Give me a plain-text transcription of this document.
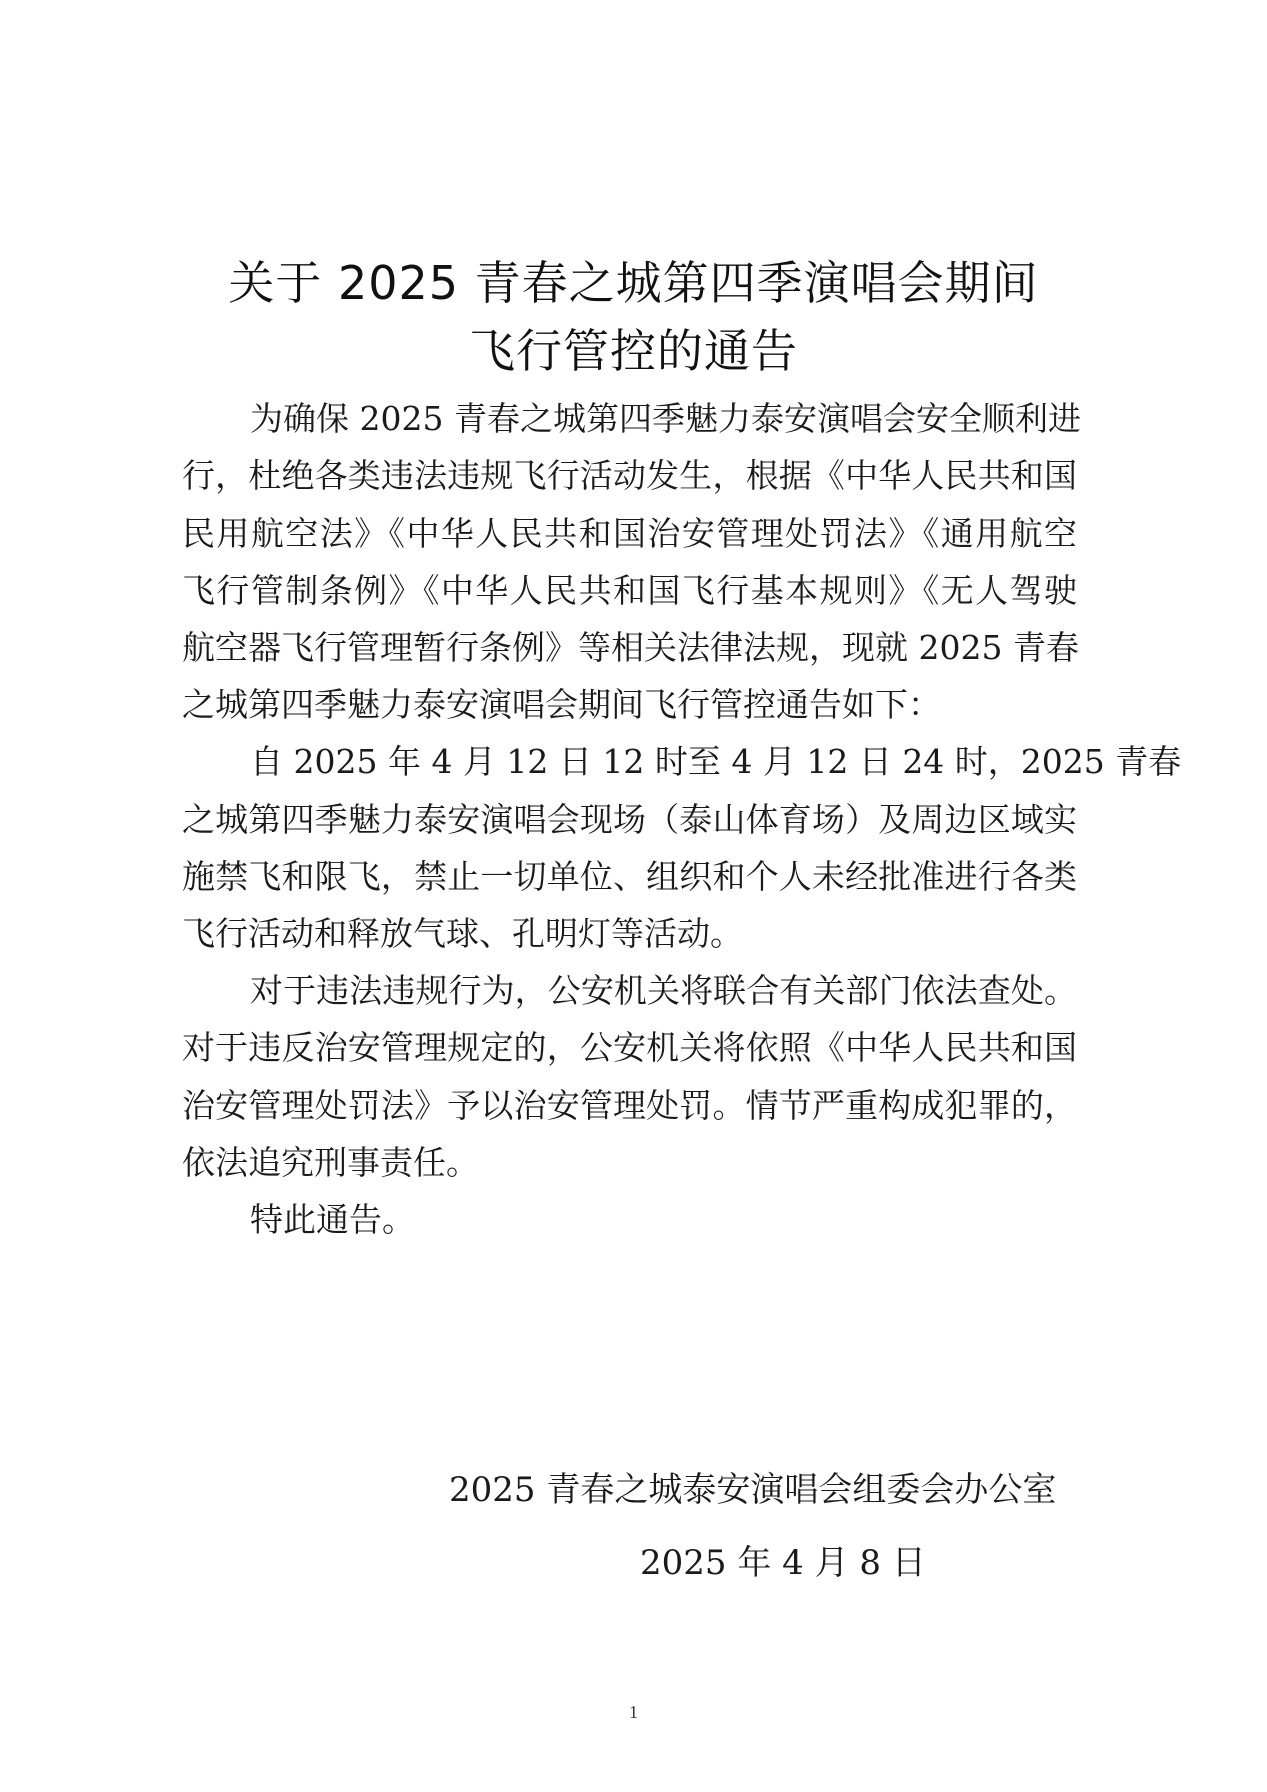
关于 2025 青春之城第四季演唱会期间
飞行管控的通告
为确保 2025 青春之城第四季魅力泰安演唱会安全顺利进
行，杜绝各类违法违规飞行活动发生，根据《中华人民共和国
民用航空法》《中华人民共和国治安管理处罚法》《通用航空
飞行管制条例》《中华人民共和国飞行基本规则》《无人驾驶
航空器飞行管理暂行条例》等相关法律法规，现就 2025 青春
之城第四季魅力泰安演唱会期间飞行管控通告如下：
自 2025 年 4 月 12 日 12 时至 4 月 12 日 24 时，2025 青春
之城第四季魅力泰安演唱会现场（泰山体育场）及周边区域实
施禁飞和限飞，禁止一切单位、组织和个人未经批准进行各类
飞行活动和释放气球、孔明灯等活动。
对于违法违规行为，公安机关将联合有关部门依法查处。
对于违反治安管理规定的，公安机关将依照《中华人民共和国
治安管理处罚法》予以治安管理处罚。情节严重构成犯罪的，
依法追究刑事责任。
特此通告。
2025 青春之城泰安演唱会组委会办公室
2025 年 4 月 8 日
1
